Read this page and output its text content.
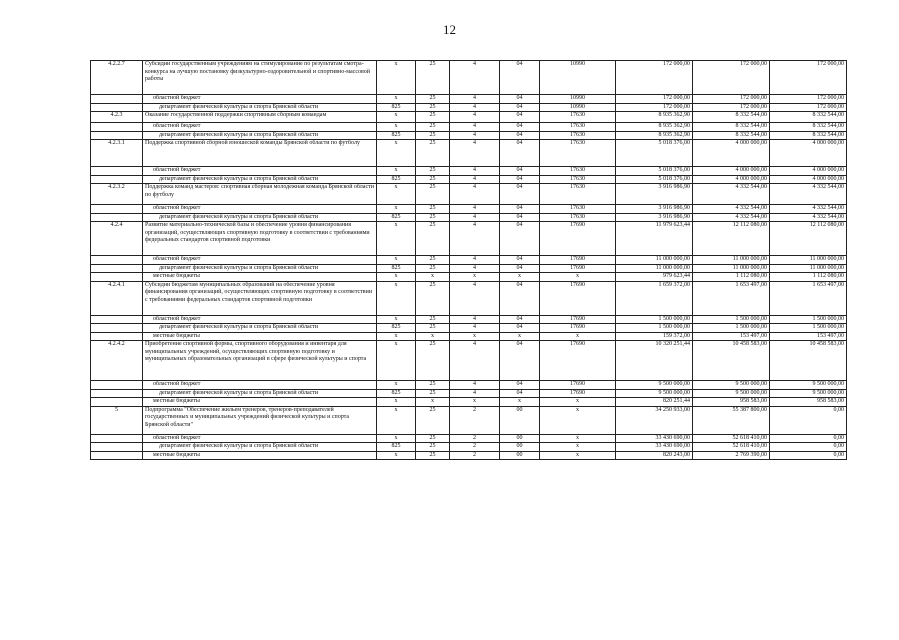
12
4.2.2.7	Субсидии государственным учреждениям на стимулирование по результатам смотра-конкурса на лучшую постановку физкультурно-оздоровительной и спортивно-массовой работы	x	25	4	04	10990	172 000,00	172 000,00	172 000,00
	областной бюджет	x	25	4	04	10990	172 000,00	172 000,00	172 000,00
	департамент физической культуры и спорта Брянской области	825	25	4	04	10990	172 000,00	172 000,00	172 000,00
4.2.3	Оказание государственной поддержки спортивным сборным командам	x	25	4	04	17630	8 935 362,90	8 332 544,00	8 332 544,00
	областной бюджет	x	25	4	04	17630	8 935 362,90	8 332 544,00	8 332 544,00
	департамент физической культуры и спорта Брянской области	825	25	4	04	17630	8 935 362,90	8 332 544,00	8 332 544,00
4.2.3.1	Поддержка спортивной сборной юношеской команды Брянской области по футболу	x	25	4	04	17630	5 018 376,00	4 000 000,00	4 000 000,00
	областной бюджет	x	25	4	04	17630	5 018 376,00	4 000 000,00	4 000 000,00
	департамент физической культуры и спорта Брянской области	825	25	4	04	17630	5 018 376,00	4 000 000,00	4 000 000,00
4.2.3.2	Поддержка команд мастеров: спортивная сборная молодежная команда Брянской области по футболу	x	25	4	04	17630	3 916 986,90	4 332 544,00	4 332 544,00
	областной бюджет	x	25	4	04	17630	3 916 986,90	4 332 544,00	4 332 544,00
	департамент физической культуры и спорта Брянской области	825	25	4	04	17630	3 916 986,90	4 332 544,00	4 332 544,00
4.2.4	Развитие материально-технической базы и обеспечение уровня финансирования организаций, осуществляющих спортивную подготовку в соответствии с требованиями федеральных стандартов спортивной подготовки	x	25	4	04	17690	11 979 623,44	12 112 080,00	12 112 080,00
	областной бюджет	x	25	4	04	17690	11 000 000,00	11 000 000,00	11 000 000,00
	департамент физической культуры и спорта Брянской области	825	25	4	04	17690	11 000 000,00	11 000 000,00	11 000 000,00
	местные бюджеты	x	x	x	x	x	979 623,44	1 112 080,00	1 112 080,00
4.2.4.1	Субсидии бюджетам муниципальных образований на обеспечение уровня финансирования организаций, осуществляющих спортивную подготовку в соответствии с требованиями федеральных стандартов спортивной подготовки	x	25	4	04	17690	1 659 372,00	1 653 497,00	1 653 497,00
	областной бюджет	x	25	4	04	17690	1 500 000,00	1 500 000,00	1 500 000,00
	департамент физической культуры и спорта Брянской области	825	25	4	04	17690	1 500 000,00	1 500 000,00	1 500 000,00
	местные бюджеты	x	x	x	x	x	159 372,00	153 497,00	153 497,00
4.2.4.2	Приобретение спортивной формы, спортивного оборудования и инвентаря для муниципальных учреждений, осуществляющих спортивную подготовку и муниципальных образовательных организаций в сфере физической культуры и спорта	x	25	4	04	17690	10 320 251,44	10 458 583,00	10 458 583,00
	областной бюджет	x	25	4	04	17690	9 500 000,00	9 500 000,00	9 500 000,00
	департамент физической культуры и спорта Брянской области	825	25	4	04	17690	9 500 000,00	9 500 000,00	9 500 000,00
	местные бюджеты	x	x	x	x	x	820 251,44	958 583,00	958 583,00
5	Подпрограмма "Обеспечение жильем тренеров, тренеров-преподавателей государственных и муниципальных учреждений физической культуры и спорта Брянской области"	x	25	2	00	x	34 250 933,00	55 387 800,00	0,00
	областной бюджет	x	25	2	00	x	33 430 690,00	52 618 410,00	0,00
	департамент физической культуры и спорта Брянской области	825	25	2	00	x	33 430 690,00	52 618 410,00	0,00
	местные бюджеты	x	25	2	00	x	820 243,00	2 769 390,00	0,00
